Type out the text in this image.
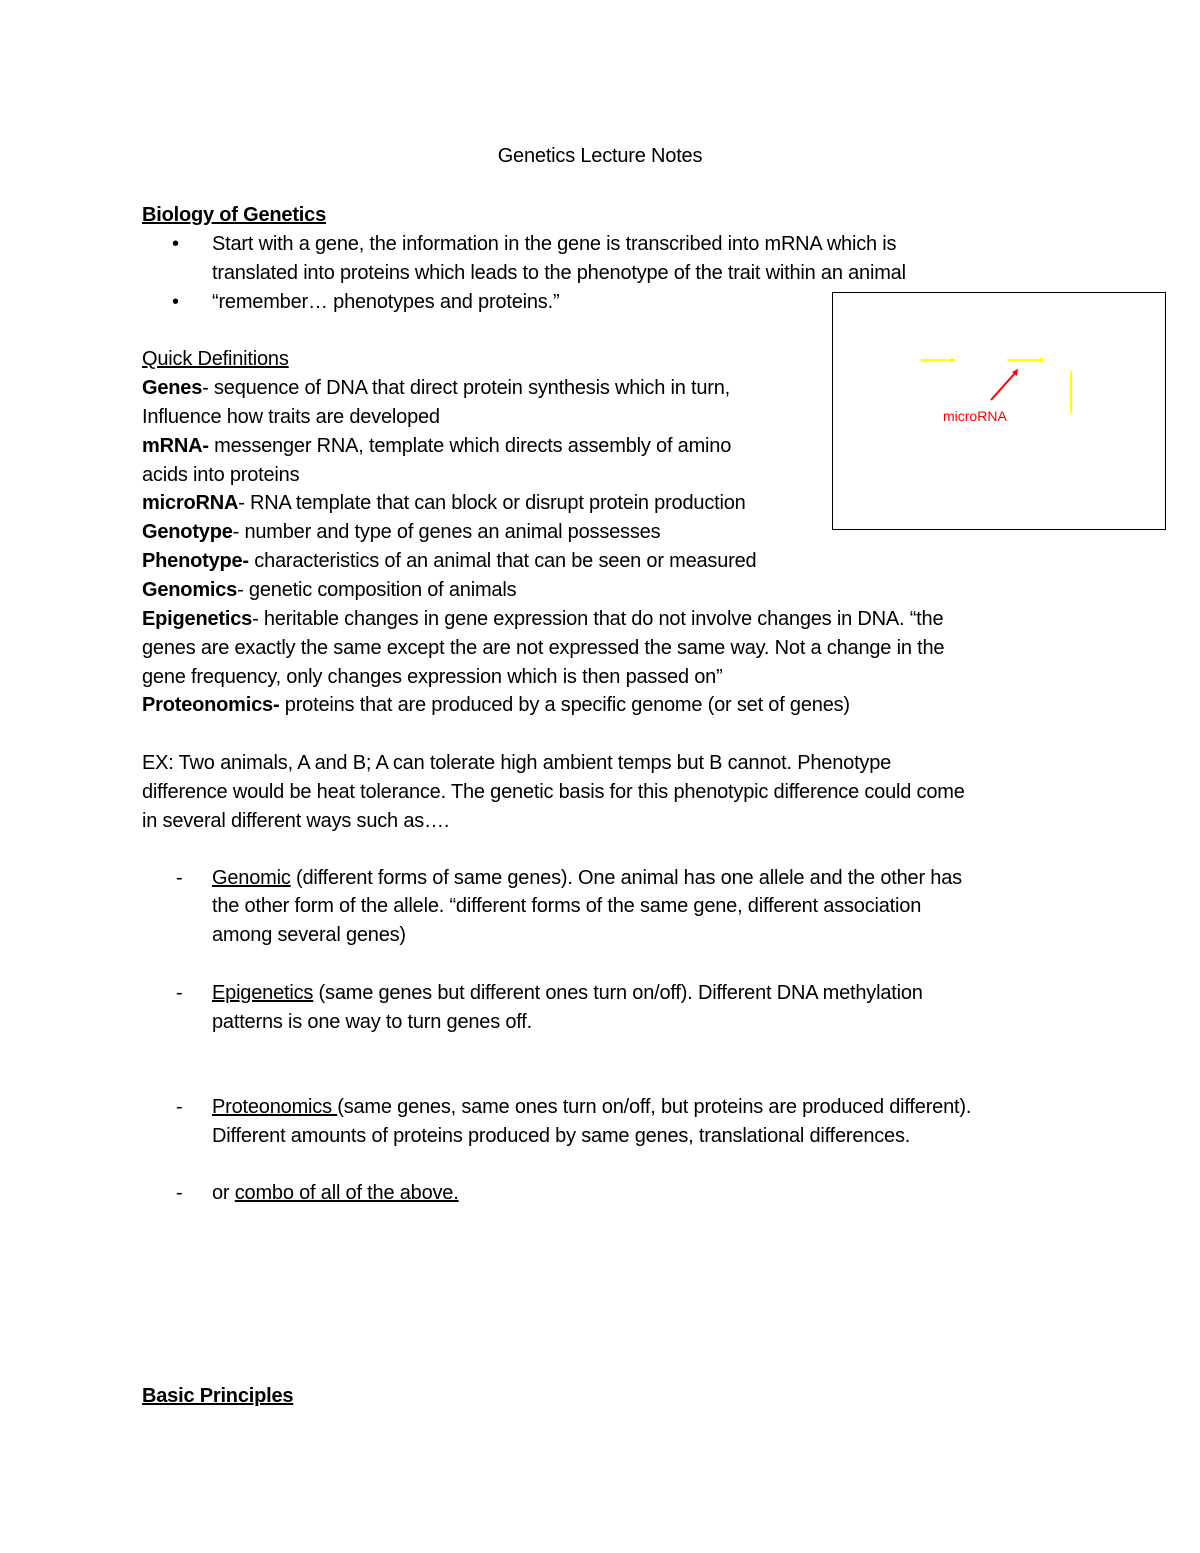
Genetics Lecture Notes
Biology of Genetics
• Start with a gene, the information in the gene is transcribed into mRNA which is
translated into proteins which leads to the phenotype of the trait within an animal
• “remember… phenotypes and proteins.”
microRNA
Quick Definitions
Genes- sequence of DNA that direct protein synthesis which in turn,
Influence how traits are developed
mRNA- messenger RNA, template which directs assembly of amino
acids into proteins
microRNA- RNA template that can block or disrupt protein production
Genotype- number and type of genes an animal possesses
Phenotype- characteristics of an animal that can be seen or measured
Genomics- genetic composition of animals
Epigenetics- heritable changes in gene expression that do not involve changes in DNA. “the
genes are exactly the same except the are not expressed the same way. Not a change in the
gene frequency, only changes expression which is then passed on”
Proteonomics- proteins that are produced by a specific genome (or set of genes)
EX: Two animals, A and B; A can tolerate high ambient temps but B cannot. Phenotype
difference would be heat tolerance. The genetic basis for this phenotypic difference could come
in several different ways such as….
- Genomic (different forms of same genes). One animal has one allele and the other has
the other form of the allele. “different forms of the same gene, different association
among several genes)
- Epigenetics (same genes but different ones turn on/off). Different DNA methylation
patterns is one way to turn genes off.
- Proteonomics (same genes, same ones turn on/off, but proteins are produced different).
Different amounts of proteins produced by same genes, translational differences.
- or combo of all of the above.
Basic Principles
